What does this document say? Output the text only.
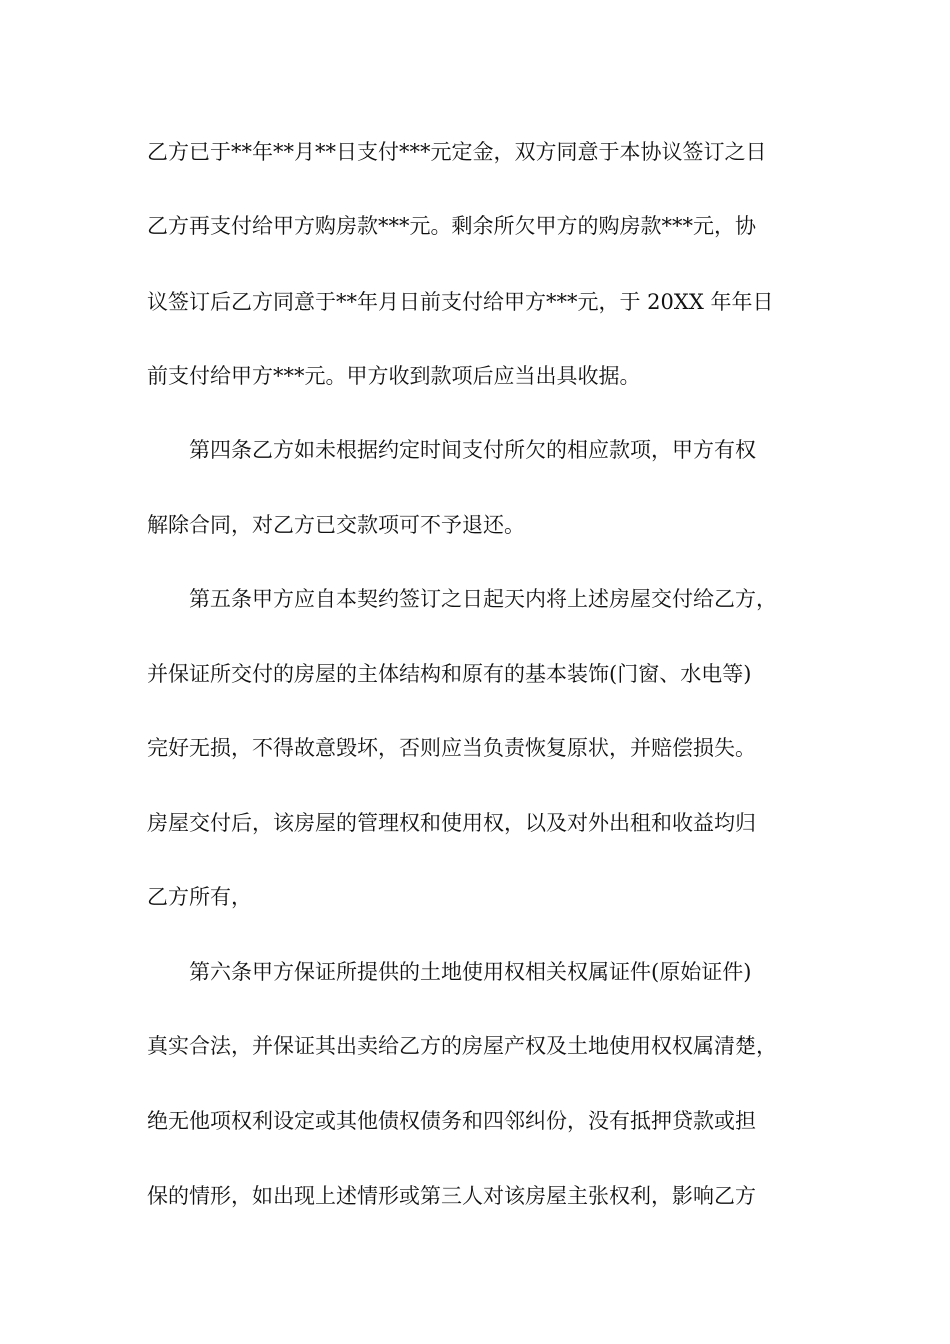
乙方已于**年**月**日支付***元定金，双方同意于本协议签订之日
乙方再支付给甲方购房款***元。剩余所欠甲方的购房款***元，协
议签订后乙方同意于**年月日前支付给甲方***元，于 20XX 年年日
前支付给甲方***元。甲方收到款项后应当出具收据。
第四条乙方如未根据约定时间支付所欠的相应款项，甲方有权
解除合同，对乙方已交款项可不予退还。
第五条甲方应自本契约签订之日起天内将上述房屋交付给乙方，
并保证所交付的房屋的主体结构和原有的基本装饰(门窗、水电等)
完好无损，不得故意毁坏，否则应当负责恢复原状，并赔偿损失。
房屋交付后，该房屋的管理权和使用权，以及对外出租和收益均归
乙方所有，
第六条甲方保证所提供的土地使用权相关权属证件(原始证件)
真实合法，并保证其出卖给乙方的房屋产权及土地使用权权属清楚，
绝无他项权利设定或其他债权债务和四邻纠份，没有抵押贷款或担
保的情形，如出现上述情形或第三人对该房屋主张权利，影响乙方
